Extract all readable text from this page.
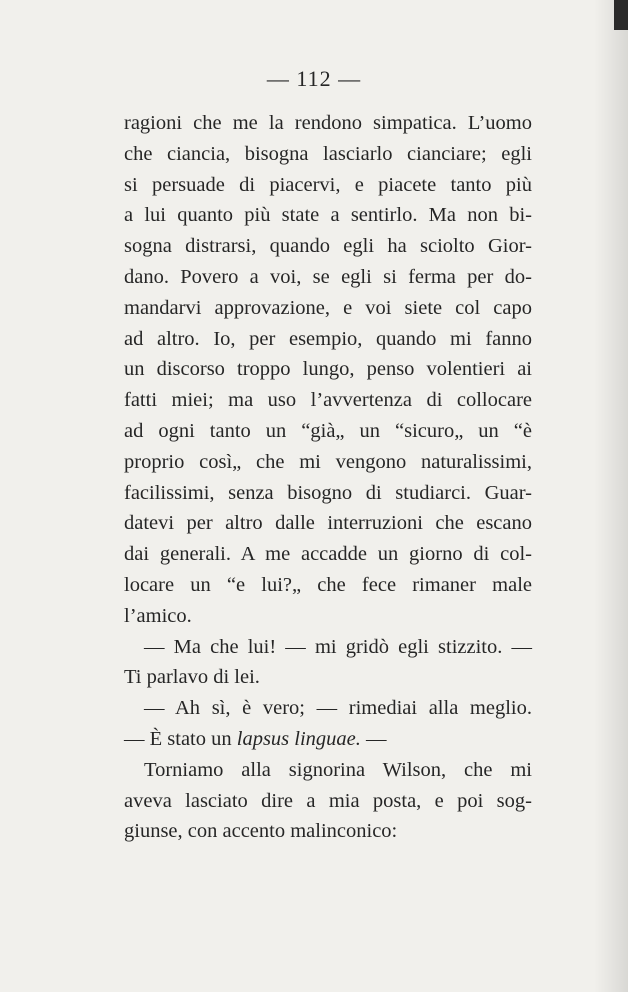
— 112 —
ragioni che me la rendono simpatica. L’uomo
che ciancia, bisogna lasciarlo cianciare; egli
si persuade di piacervi, e piacete tanto più
a lui quanto più state a sentirlo. Ma non bi-
sogna distrarsi, quando egli ha sciolto Gior-
dano. Povero a voi, se egli si ferma per do-
mandarvi approvazione, e voi siete col capo
ad altro. Io, per esempio, quando mi fanno
un discorso troppo lungo, penso volentieri ai
fatti miei; ma uso l’avvertenza di collocare
ad ogni tanto un “già„ un “sicuro„ un “è
proprio così„ che mi vengono naturalissimi,
facilissimi, senza bisogno di studiarci. Guar-
datevi per altro dalle interruzioni che escano
dai generali. A me accadde un giorno di col-
locare un “e lui?„ che fece rimaner male
l’amico.
— Ma che lui! — mi gridò egli stizzito. —
Ti parlavo di lei.
— Ah sì, è vero; — rimediai alla meglio.
— È stato un lapsus linguae. —
Torniamo alla signorina Wilson, che mi
aveva lasciato dire a mia posta, e poi sog-
giunse, con accento malinconico:
